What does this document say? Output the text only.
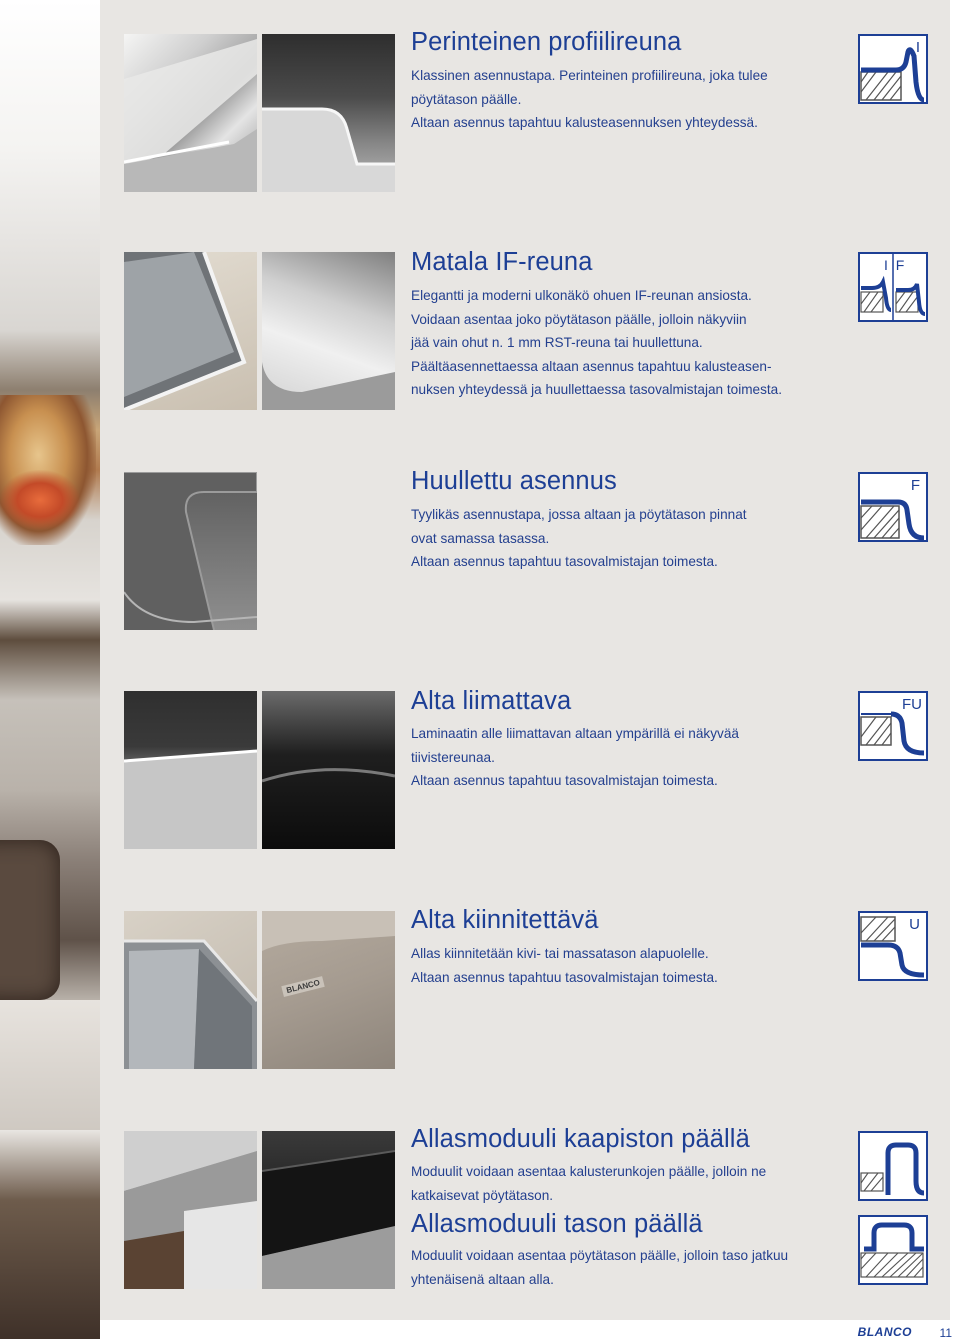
Perinteinen profiilireuna
Klassinen asennustapa. Perinteinen profiilireuna, joka tulee
pöytätason päälle.
Altaan asennus tapahtuu kalusteasennuksen yhteydessä.
I
Matala IF-reuna
Elegantti ja moderni ulkonäkö ohuen IF-reunan ansiosta.
Voidaan asentaa joko pöytätason päälle, jolloin näkyviin
jää vain ohut n. 1 mm RST-reuna tai huullettuna.
Päältäasennettaessa altaan asennus tapahtuu kalusteasen-
nuksen yhteydessä ja huullettaessa tasovalmistajan toimesta.
I F
Huullettu asennus
Tyylikäs asennustapa, jossa altaan ja pöytätason pinnat
ovat samassa tasassa.
Altaan asennus tapahtuu tasovalmistajan toimesta.
F
Alta liimattava
Laminaatin alle liimattavan altaan ympärillä ei näkyvää
tiivistereunaa.
Altaan asennus tapahtuu tasovalmistajan toimesta.
FU
BLANCO
Alta kiinnitettävä
Allas kiinnitetään kivi- tai massatason alapuolelle.
Altaan asennus tapahtuu tasovalmistajan toimesta.
U
Allasmoduuli kaapiston päällä
Moduulit voidaan asentaa kalusterunkojen päälle, jolloin ne
katkaisevat pöytätason.
Allasmoduuli tason päällä
Moduulit voidaan asentaa pöytätason päälle, jolloin taso jatkuu
yhtenäisenä altaan alla.
BLANCO 11
